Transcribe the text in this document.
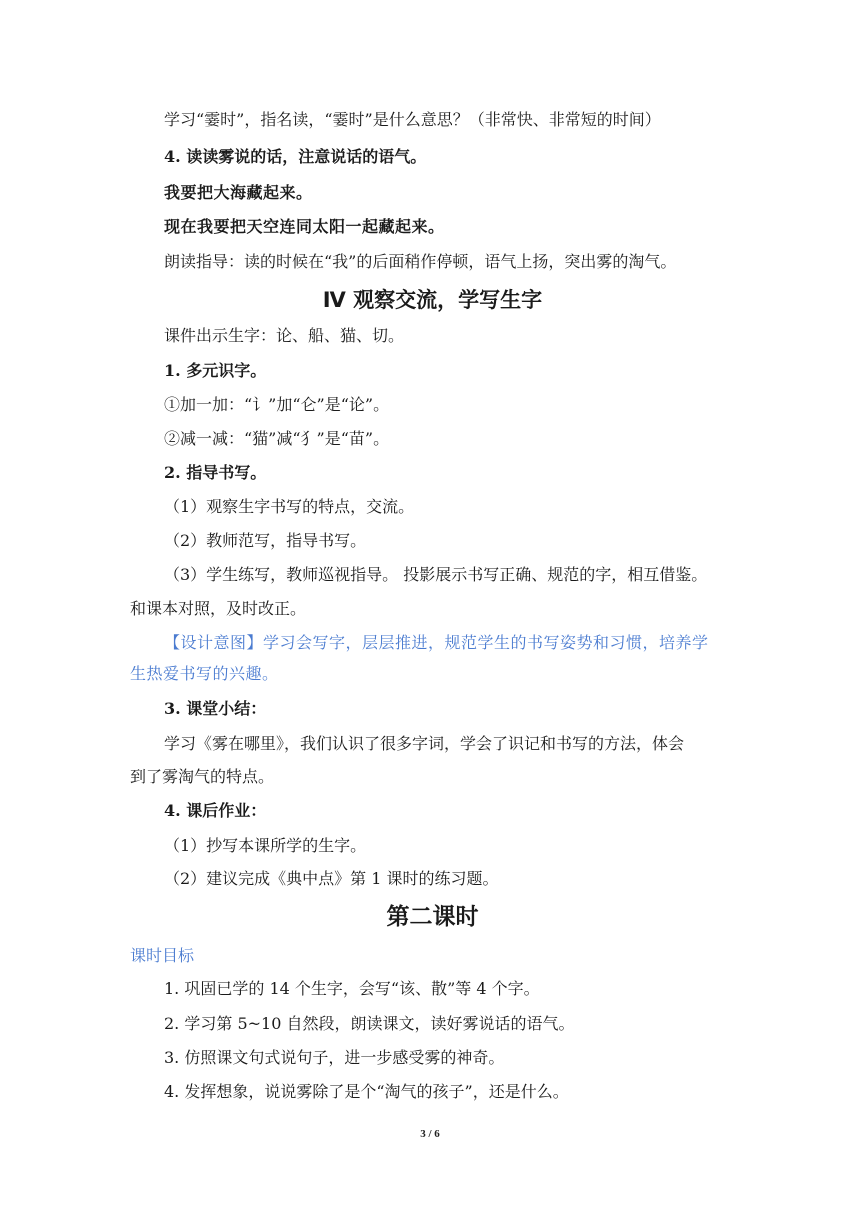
学习“霎时”，指名读，“霎时”是什么意思？（非常快、非常短的时间）
4. 读读雾说的话，注意说话的语气。
我要把大海藏起来。
现在我要把天空连同太阳一起藏起来。
朗读指导：读的时候在“我”的后面稍作停顿，语气上扬，突出雾的淘气。
Ⅳ 观察交流，学写生字
课件出示生字：论、船、猫、切。
1. 多元识字。
①加一加：“讠”加“仑”是“论”。
②减一减：“猫”减“犭”是“苗”。
2. 指导书写。
（1）观察生字书写的特点，交流。
（2）教师范写，指导书写。
（3）学生练写，教师巡视指导。 投影展示书写正确、规范的字，相互借鉴。
和课本对照，及时改正。
【设计意图】学习会写字，层层推进，规范学生的书写姿势和习惯，培养学
生热爱书写的兴趣。
3. 课堂小结：
学习《雾在哪里》，我们认识了很多字词，学会了识记和书写的方法，体会
到了雾淘气的特点。
4. 课后作业：
（1）抄写本课所学的生字。
（2）建议完成《典中点》第 1 课时的练习题。
第二课时
课时目标
1. 巩固已学的 14 个生字，会写“该、散”等 4 个字。
2. 学习第 5~10 自然段，朗读课文，读好雾说话的语气。
3. 仿照课文句式说句子，进一步感受雾的神奇。
4. 发挥想象，说说雾除了是个“淘气的孩子”，还是什么。
3 / 6
